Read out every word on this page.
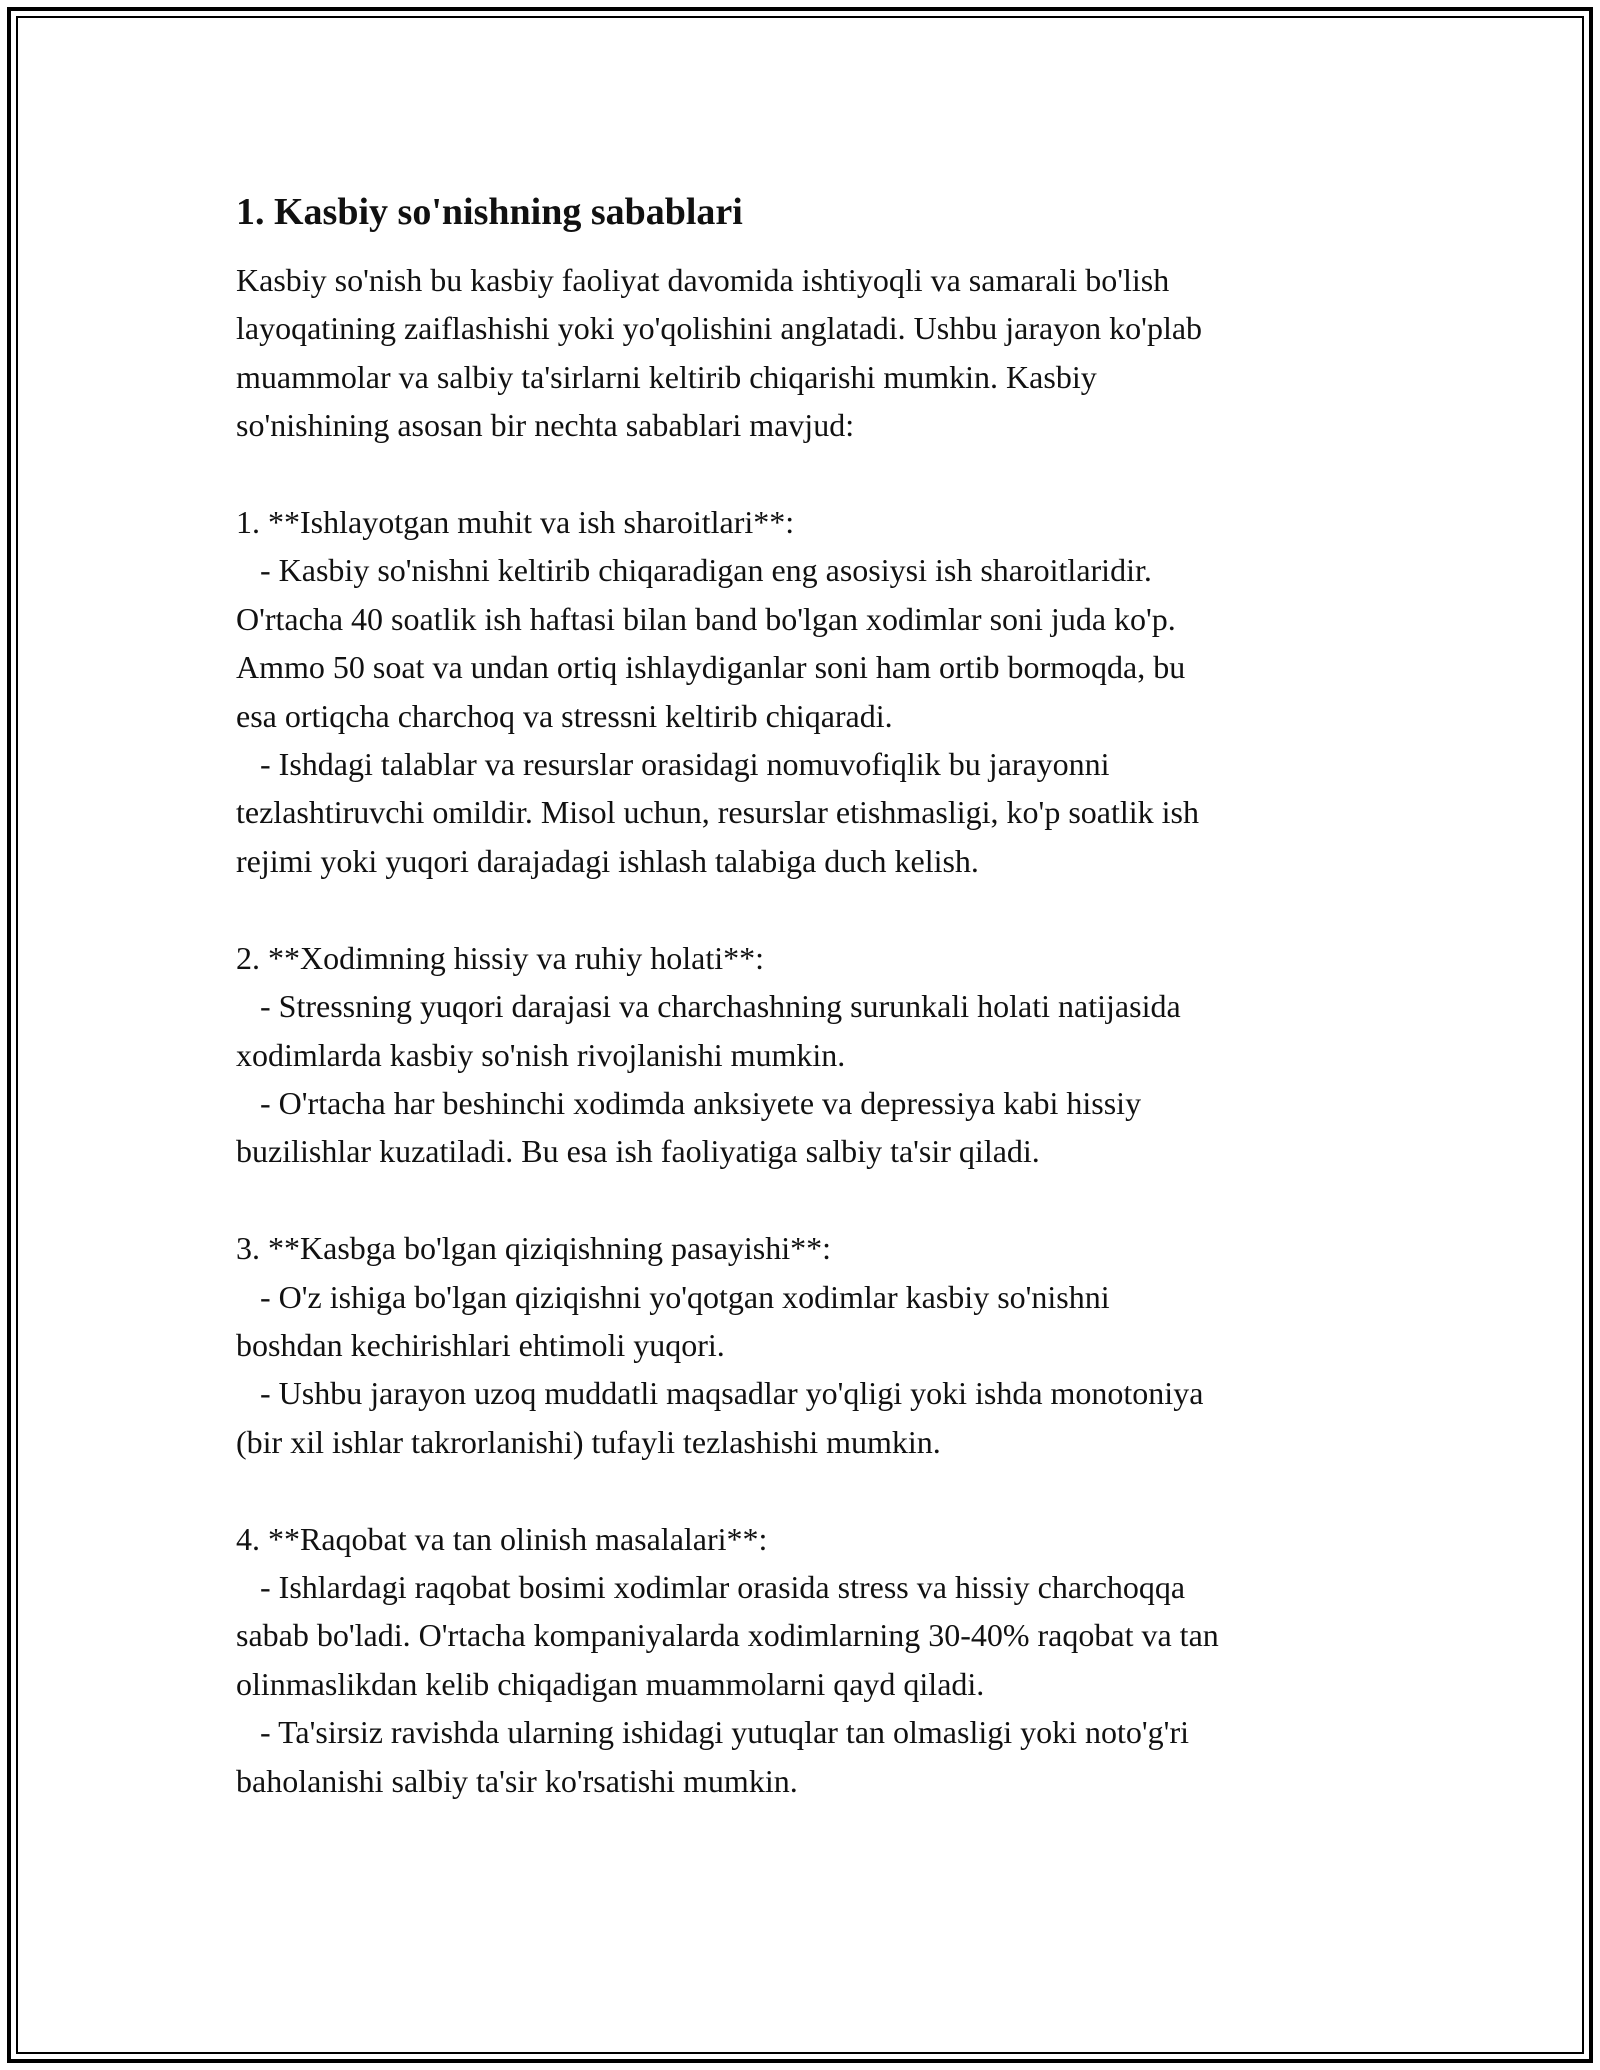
1. Kasbiy so'nishning sabablari

Kasbiy so'nish bu kasbiy faoliyat davomida ishtiyoqli va samarali bo'lish
layoqatining zaiflashishi yoki yo'qolishini anglatadi. Ushbu jarayon ko'plab
muammolar va salbiy ta'sirlarni keltirib chiqarishi mumkin. Kasbiy
so'nishining asosan bir nechta sabablari mavjud:

1. **Ishlayotgan muhit va ish sharoitlari**:
- Kasbiy so'nishni keltirib chiqaradigan eng asosiysi ish sharoitlaridir.
O'rtacha 40 soatlik ish haftasi bilan band bo'lgan xodimlar soni juda ko'p.
Ammo 50 soat va undan ortiq ishlaydiganlar soni ham ortib bormoqda, bu
esa ortiqcha charchoq va stressni keltirib chiqaradi.
- Ishdagi talablar va resurslar orasidagi nomuvofiqlik bu jarayonni
tezlashtiruvchi omildir. Misol uchun, resurslar etishmasligi, ko'p soatlik ish
rejimi yoki yuqori darajadagi ishlash talabiga duch kelish.

2. **Xodimning hissiy va ruhiy holati**:
- Stressning yuqori darajasi va charchashning surunkali holati natijasida
xodimlarda kasbiy so'nish rivojlanishi mumkin.
- O'rtacha har beshinchi xodimda anksiyete va depressiya kabi hissiy
buzilishlar kuzatiladi. Bu esa ish faoliyatiga salbiy ta'sir qiladi.

3. **Kasbga bo'lgan qiziqishning pasayishi**:
- O'z ishiga bo'lgan qiziqishni yo'qotgan xodimlar kasbiy so'nishni
boshdan kechirishlari ehtimoli yuqori.
- Ushbu jarayon uzoq muddatli maqsadlar yo'qligi yoki ishda monotoniya
(bir xil ishlar takrorlanishi) tufayli tezlashishi mumkin.

4. **Raqobat va tan olinish masalalari**:
- Ishlardagi raqobat bosimi xodimlar orasida stress va hissiy charchoqqa
sabab bo'ladi. O'rtacha kompaniyalarda xodimlarning 30-40% raqobat va tan
olinmaslikdan kelib chiqadigan muammolarni qayd qiladi.
- Ta'sirsiz ravishda ularning ishidagi yutuqlar tan olmasligi yoki noto'g'ri
baholanishi salbiy ta'sir ko'rsatishi mumkin.
